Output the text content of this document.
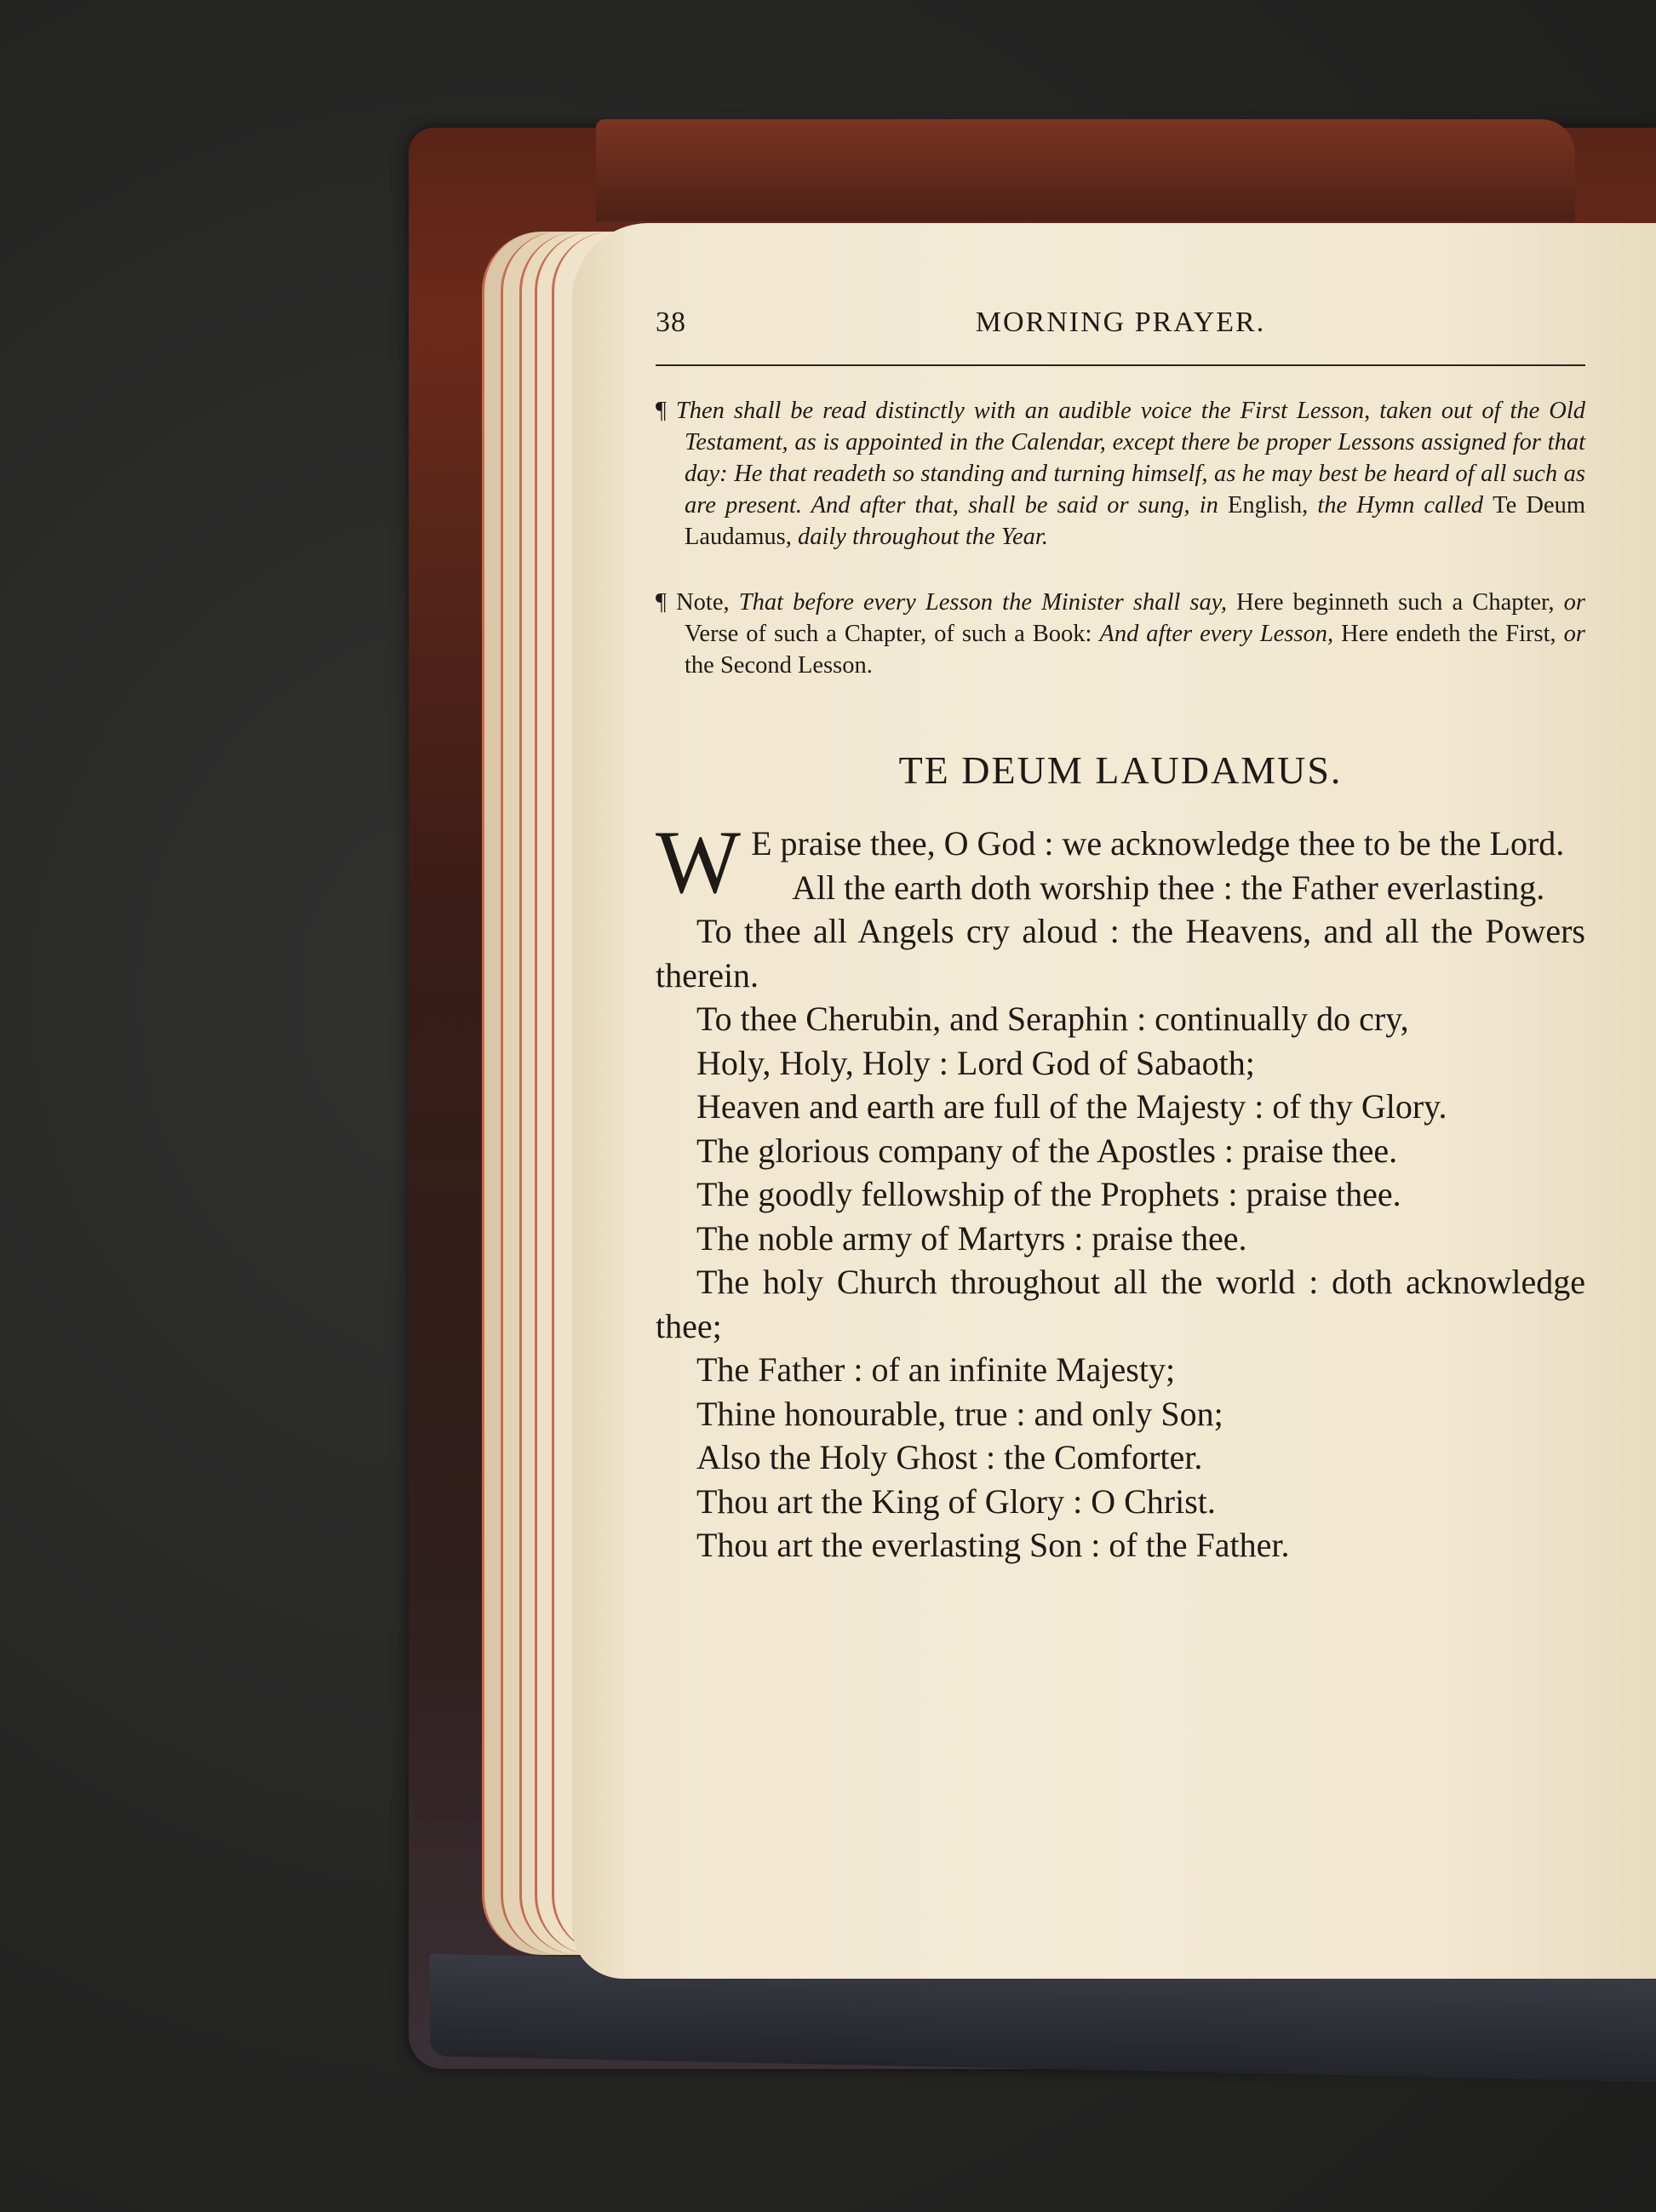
38	MORNING PRAYER.
¶ Then shall be read distinctly with an audible voice the First Lesson, taken out of the Old Testament, as is appointed in the Calendar, except there be proper Lessons assigned for that day: He that readeth so standing and turning himself, as he may best be heard of all such as are present. And after that, shall be said or sung, in English, the Hymn called Te Deum Laudamus, daily throughout the Year.
¶ Note, That before every Lesson the Minister shall say, Here beginneth such a Chapter, or Verse of such a Chapter, of such a Book: And after every Lesson, Here endeth the First, or the Second Lesson.
TE DEUM LAUDAMUS.
W E praise thee, O God : we acknowledge thee to be the Lord.
All the earth doth worship thee : the Father everlasting.
To thee all Angels cry aloud : the Heavens, and all the Powers therein.
To thee Cherubin, and Seraphin : continually do cry,
Holy, Holy, Holy : Lord God of Sabaoth;
Heaven and earth are full of the Majesty : of thy Glory.
The glorious company of the Apostles : praise thee.
The goodly fellowship of the Prophets : praise thee.
The noble army of Martyrs : praise thee.
The holy Church throughout all the world : doth acknowledge thee;
The Father : of an infinite Majesty;
Thine honourable, true : and only Son;
Also the Holy Ghost : the Comforter.
Thou art the King of Glory : O Christ.
Thou art the everlasting Son : of the Father.
